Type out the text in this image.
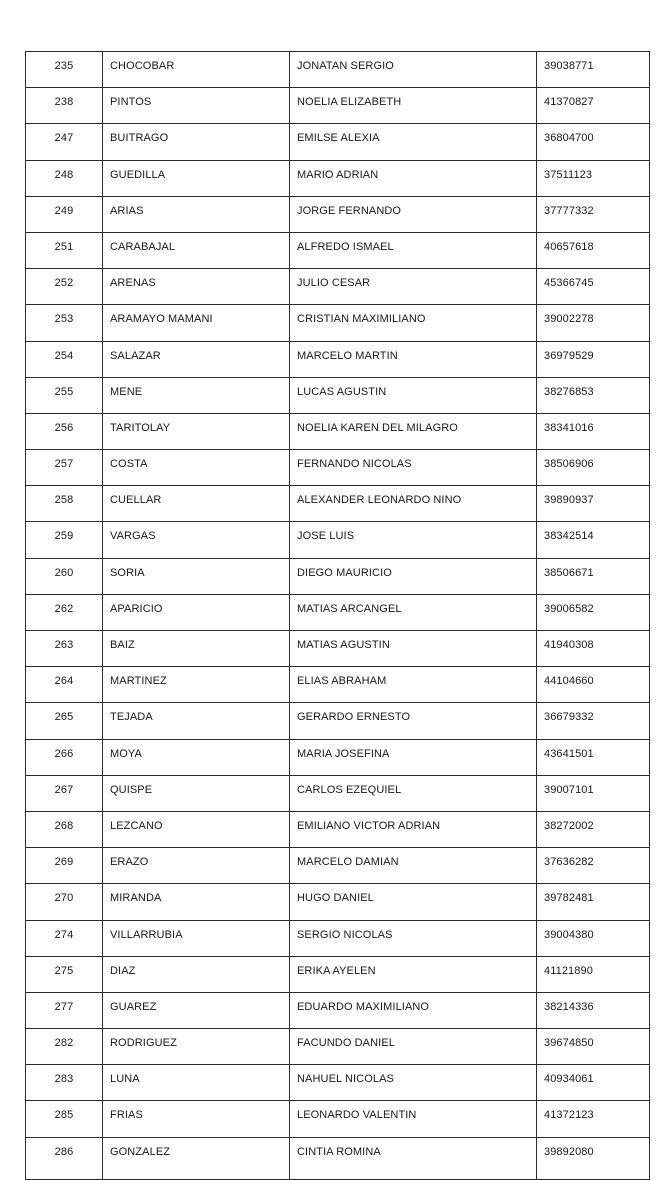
235	CHOCOBAR	JONATAN SERGIO	39038771
238	PINTOS	NOELIA ELIZABETH	41370827
247	BUITRAGO	EMILSE ALEXIA	36804700
248	GUEDILLA	MARIO ADRIAN	37511123
249	ARIAS	JORGE FERNANDO	37777332
251	CARABAJAL	ALFREDO ISMAEL	40657618
252	ARENAS	JULIO CESAR	45366745
253	ARAMAYO MAMANI	CRISTIAN MAXIMILIANO	39002278
254	SALAZAR	MARCELO MARTIN	36979529
255	MENE	LUCAS AGUSTIN	38276853
256	TARITOLAY	NOELIA KAREN DEL MILAGRO	38341016
257	COSTA	FERNANDO NICOLAS	38506906
258	CUELLAR	ALEXANDER LEONARDO NINO	39890937
259	VARGAS	JOSE LUIS	38342514
260	SORIA	DIEGO MAURICIO	38506671
262	APARICIO	MATIAS ARCANGEL	39006582
263	BAIZ	MATIAS AGUSTIN	41940308
264	MARTINEZ	ELIAS ABRAHAM	44104660
265	TEJADA	GERARDO ERNESTO	36679332
266	MOYA	MARIA JOSEFINA	43641501
267	QUISPE	CARLOS EZEQUIEL	39007101
268	LEZCANO	EMILIANO VICTOR ADRIAN	38272002
269	ERAZO	MARCELO DAMIAN	37636282
270	MIRANDA	HUGO DANIEL	39782481
274	VILLARRUBIA	SERGIO NICOLAS	39004380
275	DIAZ	ERIKA AYELEN	41121890
277	GUAREZ	EDUARDO MAXIMILIANO	38214336
282	RODRIGUEZ	FACUNDO DANIEL	39674850
283	LUNA	NAHUEL NICOLAS	40934061
285	FRIAS	LEONARDO VALENTIN	41372123
286	GONZALEZ	CINTIA ROMINA	39892080
